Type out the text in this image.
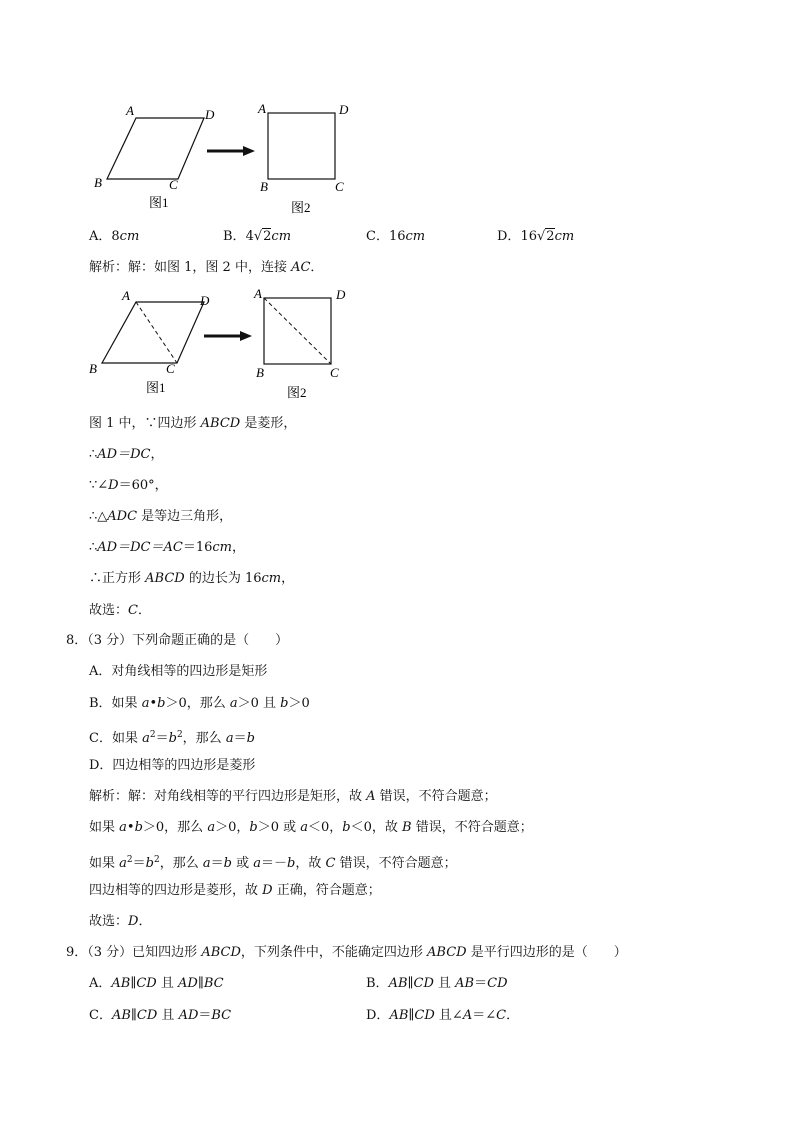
A	D
B	C
图1
A	D
B	C
图2
A．8cm	B．4√2cm	C．16cm	D．16√2cm
解析：解：如图 1，图 2 中，连接 AC．
A	D
B	C
图1
A	D
B	C
图2
图 1 中，∵四边形 ABCD 是菱形，
∴AD＝DC，
∵∠D＝60°，
∴△ADC 是等边三角形，
∴AD＝DC＝AC＝16cm，
∴正方形 ABCD 的边长为 16cm，
故选：C．
8．（3 分）下列命题正确的是（　　）
A．对角线相等的四边形是矩形
B．如果 a•b＞0，那么 a＞0 且 b＞0
C．如果 $a^2=b^2$，那么 a＝b
D．四边相等的四边形是菱形
解析：解：对角线相等的平行四边形是矩形，故 A 错误，不符合题意；
如果 a•b＞0，那么 a＞0，b＞0 或 a＜0，b＜0，故 B 错误，不符合题意；
如果 $a^2=b^2$，那么 a＝b 或 a＝－b，故 C 错误，不符合题意；
四边相等的四边形是菱形，故 D 正确，符合题意；
故选：D．
9．（3 分）已知四边形 ABCD，下列条件中，不能确定四边形 ABCD 是平行四边形的是（　　）
A．AB∥CD 且 AD∥BC	B．AB∥CD 且 AB＝CD
C．AB∥CD 且 AD＝BC	D．AB∥CD 且∠A＝∠C．
